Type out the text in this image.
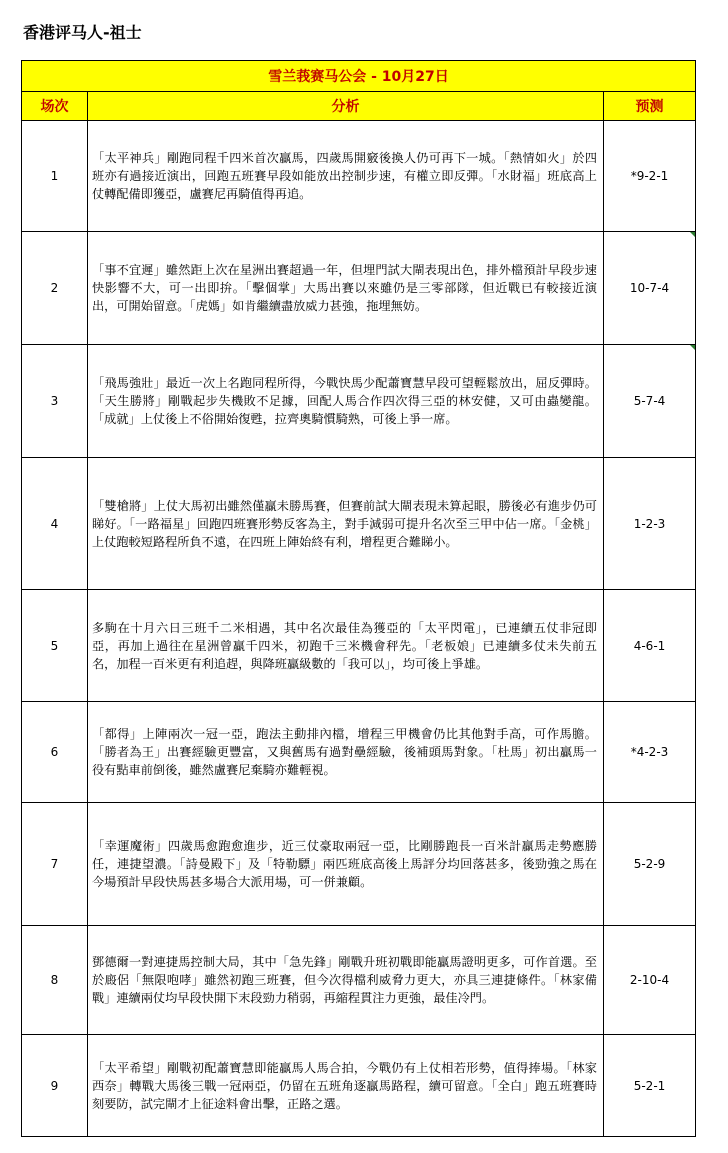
香港评马人-祖士
雪兰莪赛马公会 - 10月27日		
场次	分析	预测
1	「太平神兵」剛跑同程千四米首次贏馬，四歲馬開竅後換人仍可再下一城。「熱情如火」於四班亦有過接近演出，回跑五班賽早段如能放出控制步速，有權立即反彈。「水財福」班底高上仗轉配備即獲亞，盧賽尼再騎值得再追。	*9-2-1
2	「事不宜遲」雖然距上次在星洲出賽超過一年，但埋門試大閘表現出色，排外檔預計早段步速快影響不大，可一出即拚。「擊個掌」大馬出賽以來雖仍是三零部隊，但近戰已有較接近演出，可開始留意。「虎媽」如肯繼續盡放威力甚強，拖埋無妨。	10-7-4
3	「飛馬強壯」最近一次上名跑同程所得，今戰快馬少配蕭寶慧早段可望輕鬆放出，屈反彈時。「天生勝將」剛戰起步失機敗不足據，回配人馬合作四次得三亞的林安健，又可由蟲變龍。「成就」上仗後上不俗開始復甦，拉齊奧騎慣騎熟，可後上爭一席。	5-7-4
4	「雙槍將」上仗大馬初出雖然僅贏未勝馬賽，但賽前試大閘表現未算起眼，勝後必有進步仍可睇好。「一路福星」回跑四班賽形勢反客為主，對手減弱可提升名次至三甲中佔一席。「金桃」上仗跑較短路程所負不遠，在四班上陣始終有利，增程更合難睇小。	1-2-3
5	多駒在十月六日三班千二米相遇，其中名次最佳為獲亞的「太平閃電」，已連續五仗非冠即亞，再加上過往在星洲曾贏千四米，初跑千三米機會秤先。「老板娘」已連續多仗未失前五名，加程一百米更有利追趕，與降班贏級數的「我可以」，均可後上爭雄。	4-6-1
6	「都得」上陣兩次一冠一亞，跑法主動排內檔，增程三甲機會仍比其他對手高，可作馬膽。「勝者為王」出賽經驗更豐富，又與舊馬有過對壘經驗，後補頭馬對象。「杜馬」初出贏馬一役有點車前倒後，雖然盧賽尼棄騎亦難輕視。	*4-2-3
7	「幸運魔術」四歲馬愈跑愈進步，近三仗豪取兩冠一亞，比剛勝跑長一百米計贏馬走勢應勝任，連捷望濃。「詩曼殿下」及「特勒驃」兩匹班底高後上馬評分均回落甚多，後勁強之馬在今場預計早段快馬甚多場合大派用場，可一併兼顧。	5-2-9
8	鄧德爾一對連捷馬控制大局，其中「急先鋒」剛戰升班初戰即能贏馬證明更多，可作首選。至於廄侶「無限咆哮」雖然初跑三班賽，但今次得檔利威脅力更大，亦具三連捷條件。「林家備戰」連續兩仗均早段快開下末段勁力稍弱，再縮程貫注力更強，最佳冷門。	2-10-4
9	「太平希望」剛戰初配蕭寶慧即能贏馬人馬合拍，今戰仍有上仗相若形勢，值得捧場。「林家西奈」轉戰大馬後三戰一冠兩亞，仍留在五班角逐贏馬路程，續可留意。「全白」跑五班賽時刻要防，試完閘才上征途料會出擊，正路之選。	5-2-1
